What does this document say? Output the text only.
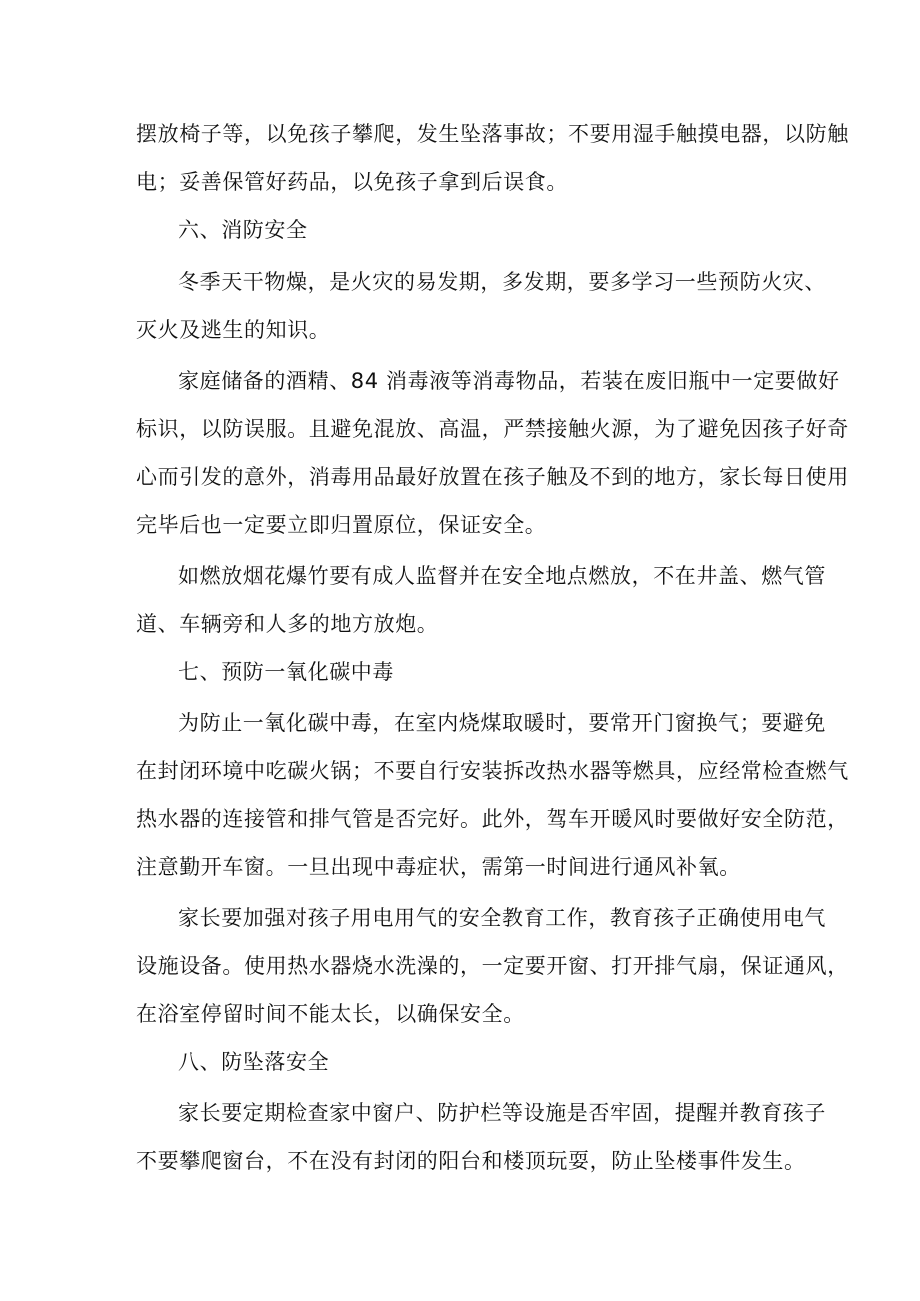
摆放椅子等，以免孩子攀爬，发生坠落事故；不要用湿手触摸电器，以防触
电；妥善保管好药品，以免孩子拿到后误食。
六、消防安全
冬季天干物燥，是火灾的易发期，多发期，要多学习一些预防火灾、
灭火及逃生的知识。
家庭储备的酒精、84 消毒液等消毒物品，若装在废旧瓶中一定要做好
标识，以防误服。且避免混放、高温，严禁接触火源，为了避免因孩子好奇
心而引发的意外，消毒用品最好放置在孩子触及不到的地方，家长每日使用
完毕后也一定要立即归置原位，保证安全。
如燃放烟花爆竹要有成人监督并在安全地点燃放，不在井盖、燃气管
道、车辆旁和人多的地方放炮。
七、预防一氧化碳中毒
为防止一氧化碳中毒，在室内烧煤取暖时，要常开门窗换气；要避免
在封闭环境中吃碳火锅；不要自行安装拆改热水器等燃具，应经常检查燃气
热水器的连接管和排气管是否完好。此外，驾车开暖风时要做好安全防范，
注意勤开车窗。一旦出现中毒症状，需第一时间进行通风补氧。
家长要加强对孩子用电用气的安全教育工作，教育孩子正确使用电气
设施设备。使用热水器烧水洗澡的，一定要开窗、打开排气扇，保证通风，
在浴室停留时间不能太长，以确保安全。
八、防坠落安全
家长要定期检查家中窗户、防护栏等设施是否牢固，提醒并教育孩子
不要攀爬窗台，不在没有封闭的阳台和楼顶玩耍，防止坠楼事件发生。
